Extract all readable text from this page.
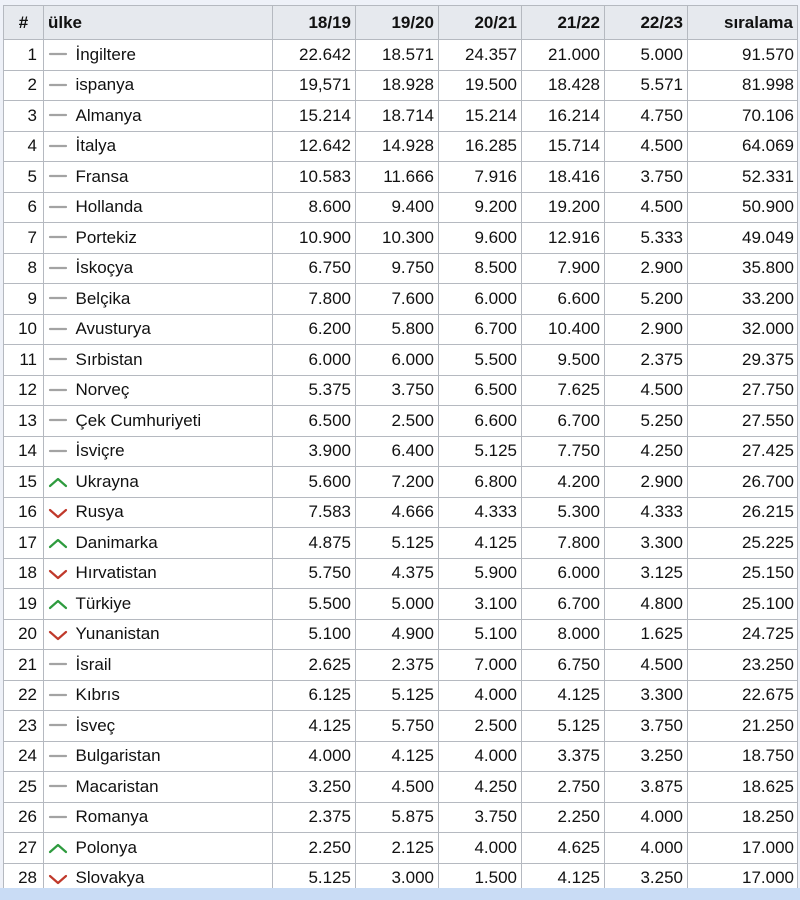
#	ülke		18/19	19/20	20/21	21/22	22/23	sıralama
1		İngiltere	22.642	18.571	24.357	21.000	5.000	91.570
2		ispanya	19,571	18.928	19.500	18.428	5.571	81.998
3		Almanya	15.214	18.714	15.214	16.214	4.750	70.106
4		İtalya	12.642	14.928	16.285	15.714	4.500	64.069
5		Fransa	10.583	11.666	7.916	18.416	3.750	52.331
6		Hollanda	8.600	9.400	9.200	19.200	4.500	50.900
7		Portekiz	10.900	10.300	9.600	12.916	5.333	49.049
8		İskoçya	6.750	9.750	8.500	7.900	2.900	35.800
9		Belçika	7.800	7.600	6.000	6.600	5.200	33.200
10		Avusturya	6.200	5.800	6.700	10.400	2.900	32.000
11		Sırbistan	6.000	6.000	5.500	9.500	2.375	29.375
12		Norveç	5.375	3.750	6.500	7.625	4.500	27.750
13		Çek Cumhuriyeti	6.500	2.500	6.600	6.700	5.250	27.550
14		İsviçre	3.900	6.400	5.125	7.750	4.250	27.425
15		Ukrayna	5.600	7.200	6.800	4.200	2.900	26.700
16		Rusya	7.583	4.666	4.333	5.300	4.333	26.215
17		Danimarka	4.875	5.125	4.125	7.800	3.300	25.225
18		Hırvatistan	5.750	4.375	5.900	6.000	3.125	25.150
19		Türkiye	5.500	5.000	3.100	6.700	4.800	25.100
20		Yunanistan	5.100	4.900	5.100	8.000	1.625	24.725
21		İsrail	2.625	2.375	7.000	6.750	4.500	23.250
22		Kıbrıs	6.125	5.125	4.000	4.125	3.300	22.675
23		İsveç	4.125	5.750	2.500	5.125	3.750	21.250
24		Bulgaristan	4.000	4.125	4.000	3.375	3.250	18.750
25		Macaristan	3.250	4.500	4.250	2.750	3.875	18.625
26		Romanya	2.375	5.875	3.750	2.250	4.000	18.250
27		Polonya	2.250	2.125	4.000	4.625	4.000	17.000
28		Slovakya	5.125	3.000	1.500	4.125	3.250	17.000
